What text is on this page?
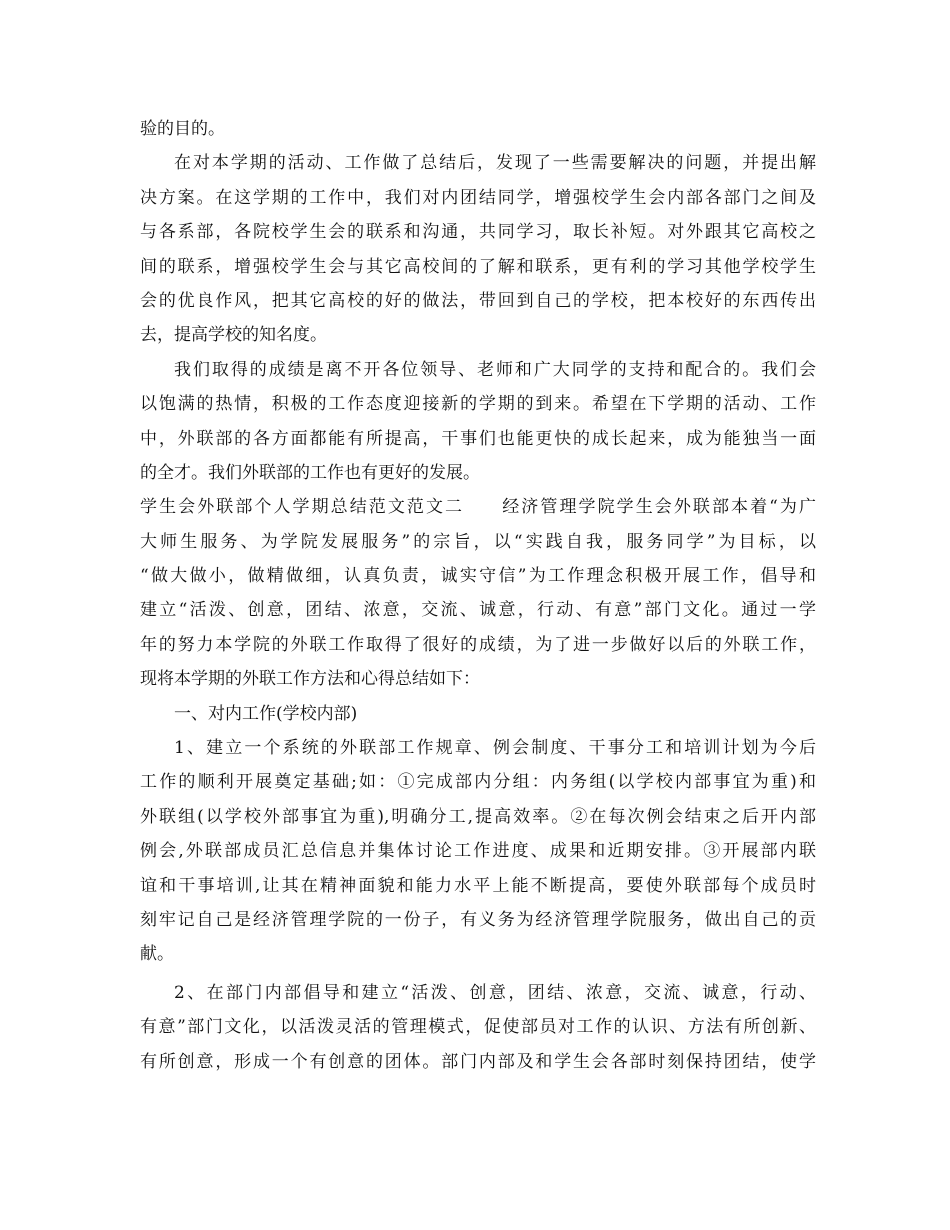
验的目的。
在对本学期的活动、工作做了总结后，发现了一些需要解决的问题，并提出解
决方案。在这学期的工作中，我们对内团结同学，增强校学生会内部各部门之间及
与各系部，各院校学生会的联系和沟通，共同学习，取长补短。对外跟其它高校之
间的联系，增强校学生会与其它高校间的了解和联系，更有利的学习其他学校学生
会的优良作风，把其它高校的好的做法，带回到自己的学校，把本校好的东西传出
去，提高学校的知名度。
我们取得的成绩是离不开各位领导、老师和广大同学的支持和配合的。我们会
以饱满的热情，积极的工作态度迎接新的学期的到来。希望在下学期的活动、工作
中，外联部的各方面都能有所提高，干事们也能更快的成长起来，成为能独当一面
的全才。我们外联部的工作也有更好的发展。
学生会外联部个人学期总结范文范文二　　经济管理学院学生会外联部本着“为广
大师生服务、为学院发展服务”的宗旨，以“实践自我，服务同学”为目标，以
“做大做小，做精做细，认真负责，诚实守信”为工作理念积极开展工作，倡导和
建立“活泼、创意，团结、浓意，交流、诚意，行动、有意”部门文化。通过一学
年的努力本学院的外联工作取得了很好的成绩，为了进一步做好以后的外联工作，
现将本学期的外联工作方法和心得总结如下：
一、对内工作(学校内部)
1、建立一个系统的外联部工作规章、例会制度、干事分工和培训计划为今后
工作的顺利开展奠定基础;如：①完成部内分组：内务组(以学校内部事宜为重)和
外联组(以学校外部事宜为重),明确分工,提高效率。②在每次例会结束之后开内部
例会,外联部成员汇总信息并集体讨论工作进度、成果和近期安排。③开展部内联
谊和干事培训,让其在精神面貌和能力水平上能不断提高，要使外联部每个成员时
刻牢记自己是经济管理学院的一份子，有义务为经济管理学院服务，做出自己的贡
献。
2、在部门内部倡导和建立“活泼、创意，团结、浓意，交流、诚意，行动、
有意”部门文化，以活泼灵活的管理模式，促使部员对工作的认识、方法有所创新、
有所创意，形成一个有创意的团体。部门内部及和学生会各部时刻保持团结，使学
